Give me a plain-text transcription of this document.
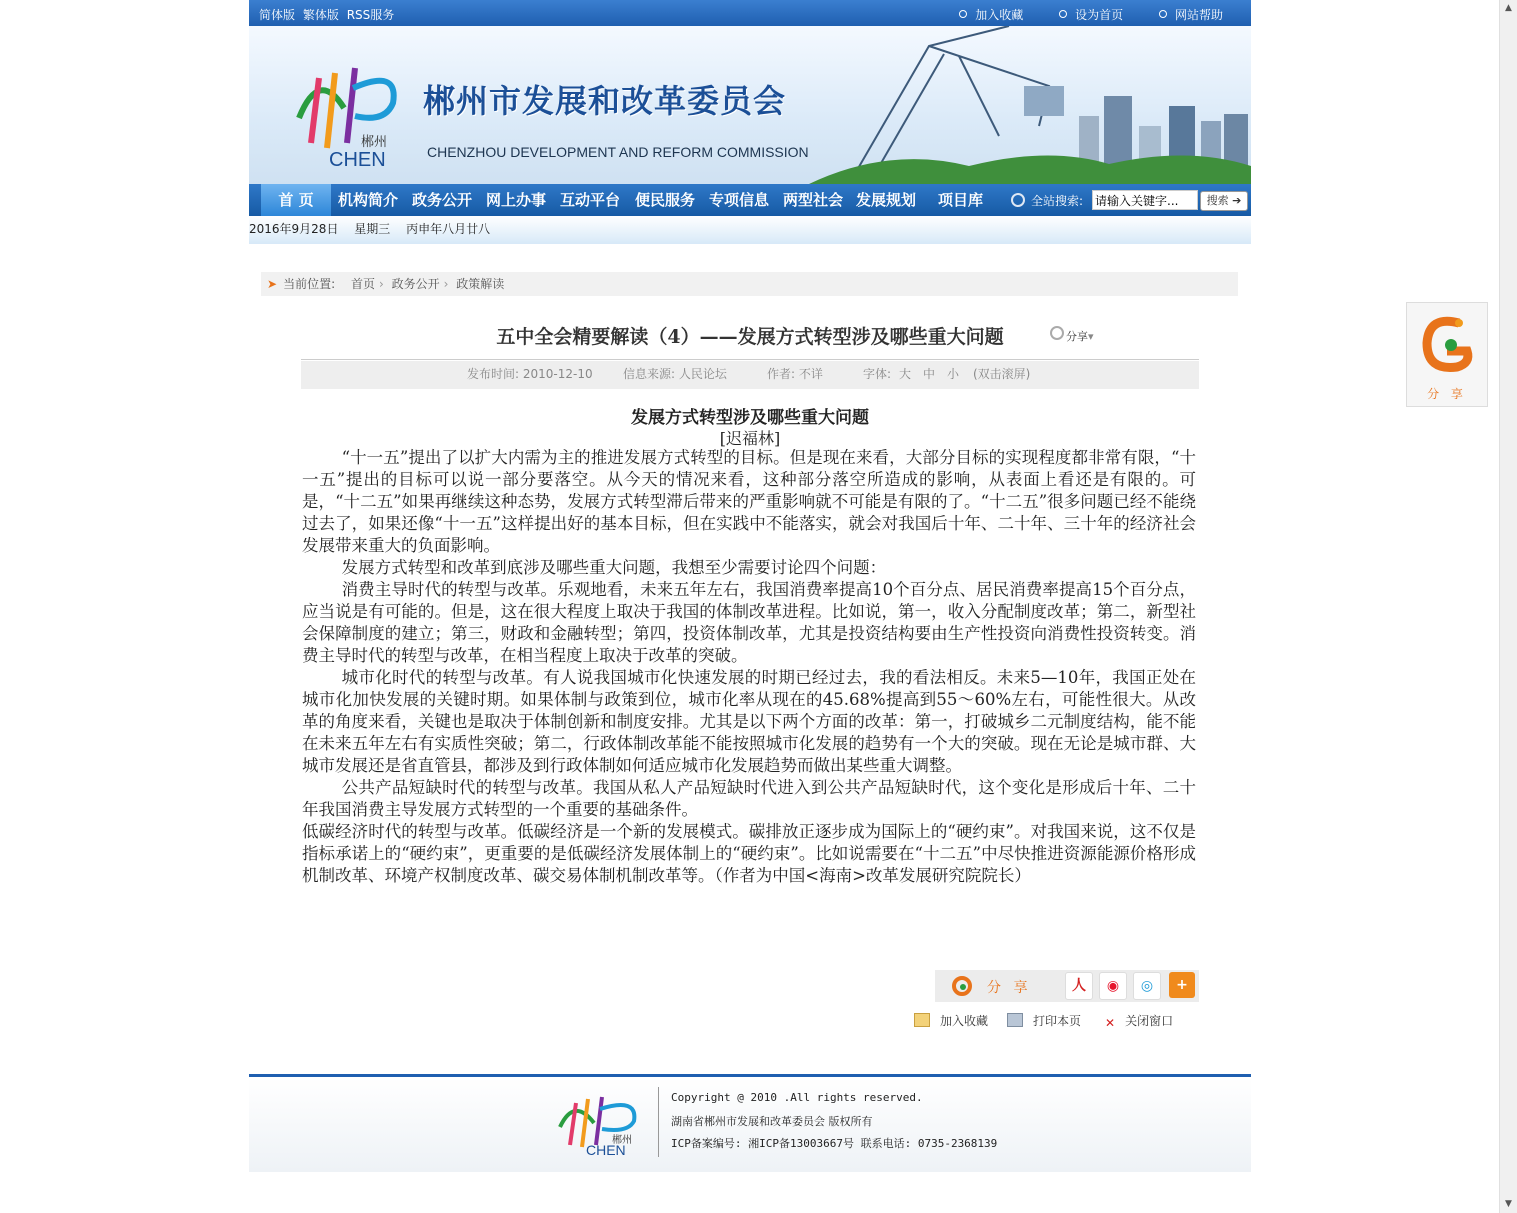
▲
▼
简体版 繁体版 RSS服务	加入收藏	设为首页	网站帮助
郴州
CHEN
郴州市发展和改革委员会
CHENZHOU DEVELOPMENT AND REFORM COMMISSION
首 页	机构简介 政务公开 网上办事 互动平台 便民服务 专项信息 两型社会 发展规划 项目库	全站搜索:
请输入关键字...	搜索 ➔
2016年9月28日 星期三 丙申年八月廿八
➤ 当前位置: 首页 › 政务公开 › 政策解读
五中全会精要解读（4）——发展方式转型涉及哪些重大问题	分享▾
发布时间: 2010-12-10	信息来源: 人民论坛	作者: 不详	字体: 大 中 小 (双击滚屏)
发展方式转型涉及哪些重大问题
[迟福林]

“十一五”提出了以扩大内需为主的推进发展方式转型的目标。但是现在来看，大部分目标的实现程度都非常有限，“十一五”提出的目标可以说一部分要落空。从今天的情况来看，这种部分落空所造成的影响，从表面上看还是有限的。可是，“十二五”如果再继续这种态势，发展方式转型滞后带来的严重影响就不可能是有限的了。“十二五”很多问题已经不能绕过去了，如果还像“十一五”这样提出好的基本目标，但在实践中不能落实，就会对我国后十年、二十年、三十年的经济社会发展带来重大的负面影响。

发展方式转型和改革到底涉及哪些重大问题，我想至少需要讨论四个问题：

消费主导时代的转型与改革。乐观地看，未来五年左右，我国消费率提高10个百分点、居民消费率提高15个百分点，应当说是有可能的。但是，这在很大程度上取决于我国的体制改革进程。比如说，第一，收入分配制度改革；第二，新型社会保障制度的建立；第三，财政和金融转型；第四，投资体制改革，尤其是投资结构要由生产性投资向消费性投资转变。消费主导时代的转型与改革，在相当程度上取决于改革的突破。

城市化时代的转型与改革。有人说我国城市化快速发展的时期已经过去，我的看法相反。未来5—10年，我国正处在城市化加快发展的关键时期。如果体制与政策到位，城市化率从现在的45.68%提高到55～60%左右，可能性很大。从改革的角度来看，关键也是取决于体制创新和制度安排。尤其是以下两个方面的改革：第一，打破城乡二元制度结构，能不能在未来五年左右有实质性突破；第二，行政体制改革能不能按照城市化发展的趋势有一个大的突破。现在无论是城市群、大城市发展还是省直管县，都涉及到行政体制如何适应城市化发展趋势而做出某些重大调整。

公共产品短缺时代的转型与改革。我国从私人产品短缺时代进入到公共产品短缺时代，这个变化是形成后十年、二十年我国消费主导发展方式转型的一个重要的基础条件。

低碳经济时代的转型与改革。低碳经济是一个新的发展模式。碳排放正逐步成为国际上的“硬约束”。对我国来说，这不仅是指标承诺上的“硬约束”，更重要的是低碳经济发展体制上的“硬约束”。比如说需要在“十二五”中尽快推进资源能源价格形成机制改革、环境产权制度改革、碳交易体制机制改革等。（作者为中国<海南>改革发展研究院院长）

分 享	人	◉	◎	+
加入收藏	打印本页 ✕ 关闭窗口
分 享
郴州
CHEN
Copyright @ 2010 .All rights reserved.
湖南省郴州市发展和改革委员会 版权所有
ICP备案编号: 湘ICP备13003667号 联系电话: 0735-2368139
